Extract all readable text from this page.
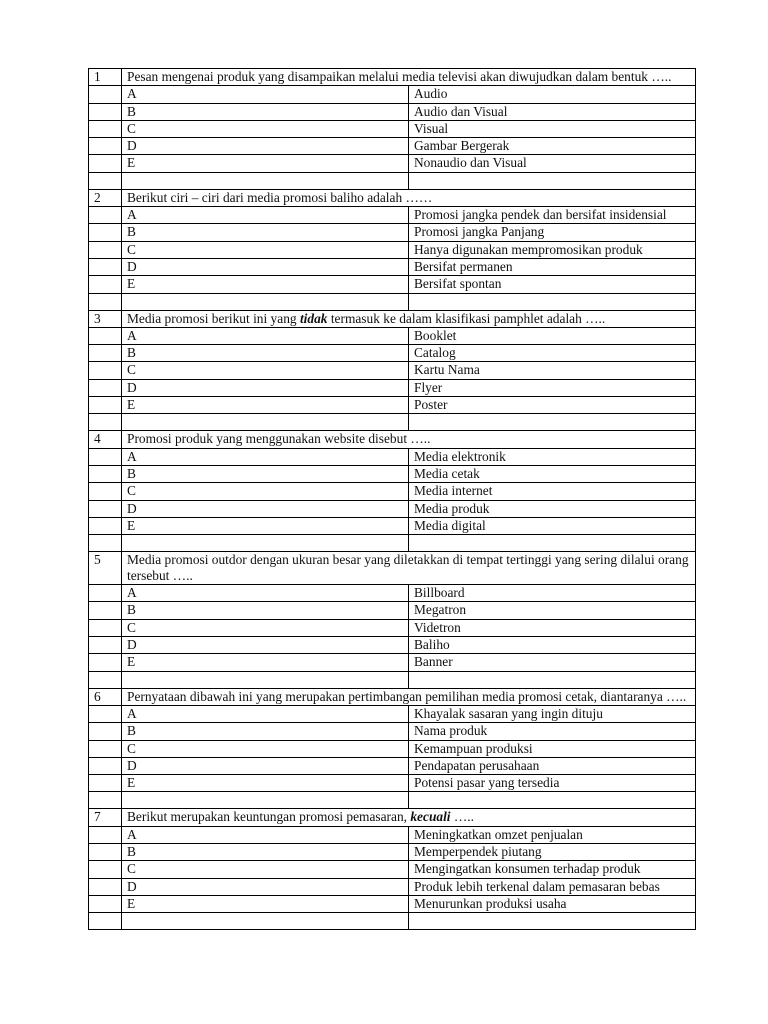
1	Pesan mengenai produk yang disampaikan melalui media televisi akan diwujudkan dalam bentuk …..	
	A	Audio
	B	Audio dan Visual
	C	Visual
	D	Gambar Bergerak
	E	Nonaudio dan Visual

2	Berikut ciri – ciri dari media promosi baliho adalah ……	
	A	Promosi jangka pendek dan bersifat insidensial
	B	Promosi jangka Panjang
	C	Hanya digunakan mempromosikan produk
	D	Bersifat permanen
	E	Bersifat spontan

3	Media promosi berikut ini yang tidak termasuk ke dalam klasifikasi pamphlet adalah …..	
	A	Booklet
	B	Catalog
	C	Kartu Nama
	D	Flyer
	E	Poster

4	Promosi produk yang menggunakan website disebut …..	
	A	Media elektronik
	B	Media cetak
	C	Media internet
	D	Media produk
	E	Media digital

5	Media promosi outdor dengan ukuran besar yang diletakkan di tempat tertinggi yang sering dilalui orang tersebut …..	
	A	Billboard
	B	Megatron
	C	Videtron
	D	Baliho
	E	Banner

6	Pernyataan dibawah ini yang merupakan pertimbangan pemilihan media promosi cetak, diantaranya …..	
	A	Khayalak sasaran yang ingin dituju
	B	Nama produk
	C	Kemampuan produksi
	D	Pendapatan perusahaan
	E	Potensi pasar yang tersedia

7	Berikut merupakan keuntungan promosi pemasaran, kecuali …..	
	A	Meningkatkan omzet penjualan
	B	Memperpendek piutang
	C	Mengingatkan konsumen terhadap produk
	D	Produk lebih terkenal dalam pemasaran bebas
	E	Menurunkan produksi usaha
